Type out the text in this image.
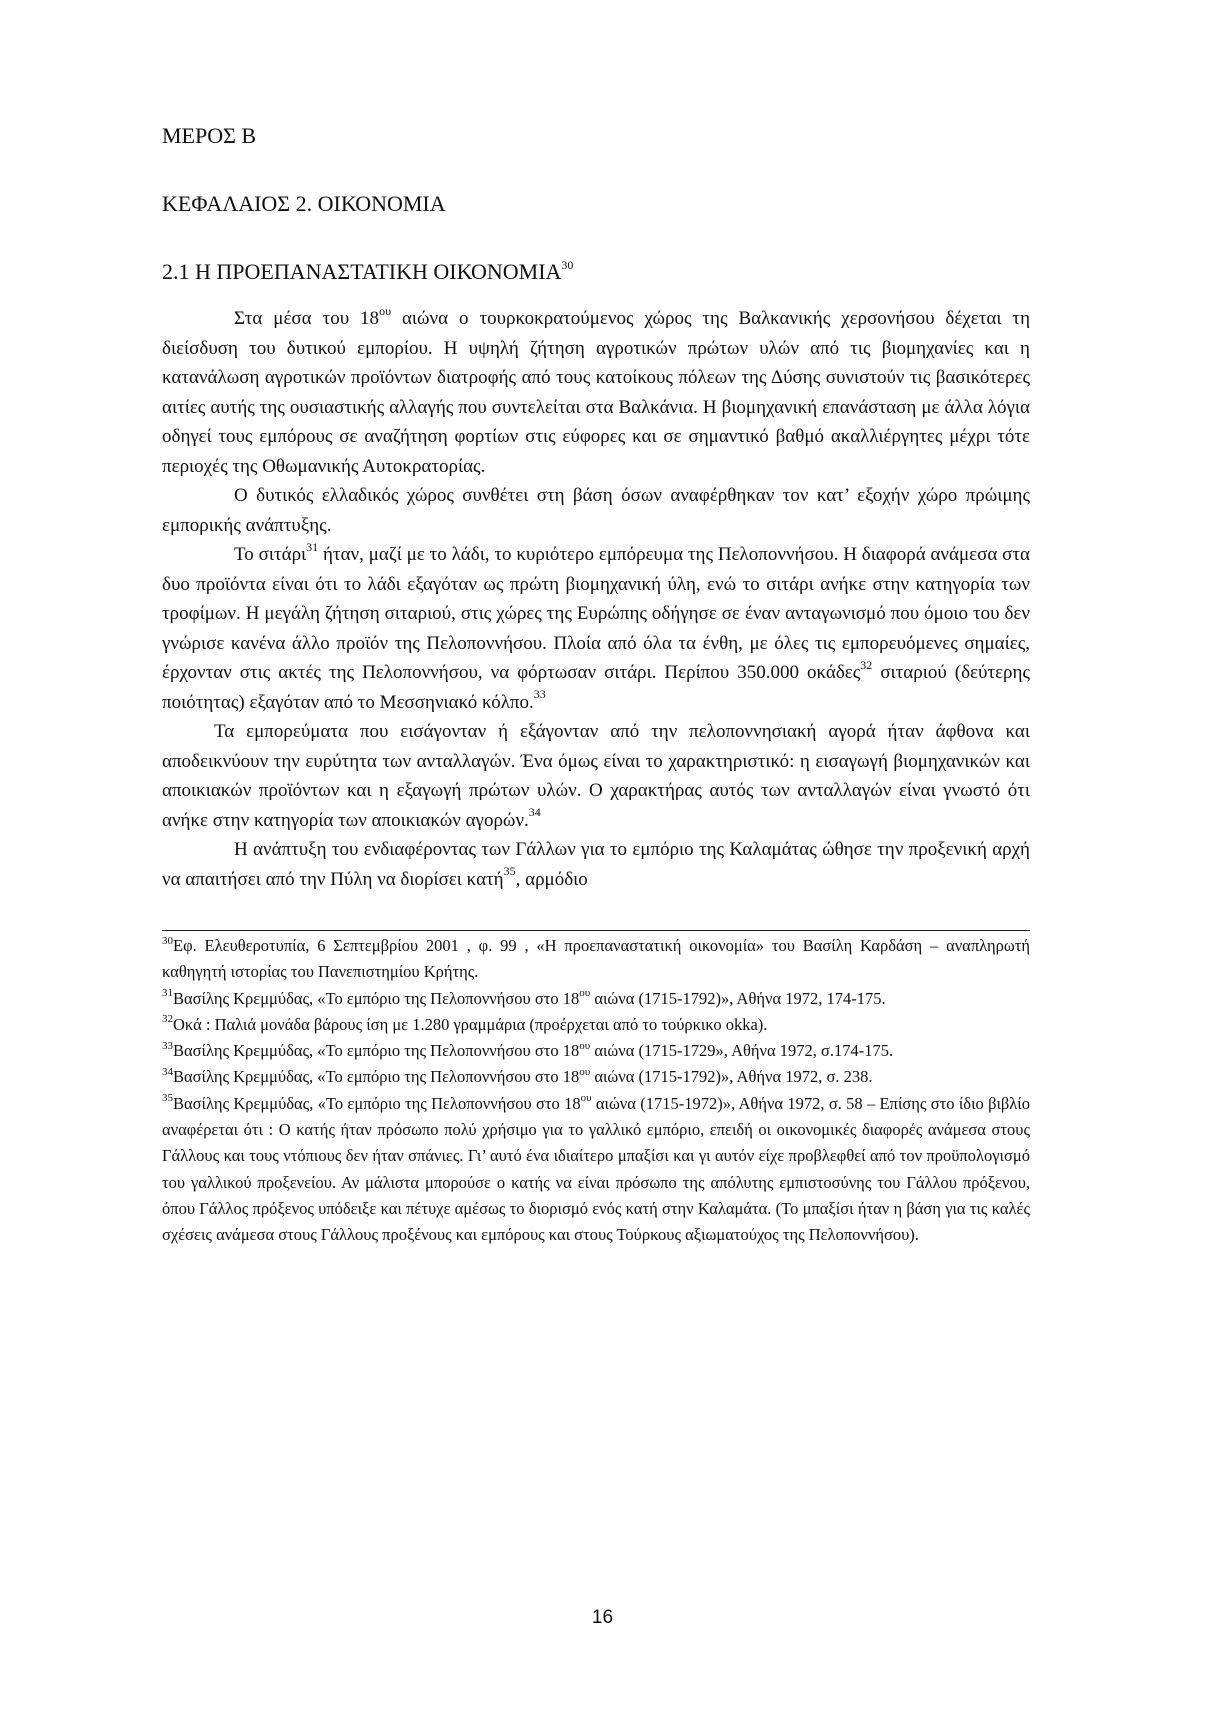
ΜΕΡΟΣ Β

ΚΕΦΑΛΑΙΟΣ 2. ΟΙΚΟΝΟΜΙΑ

2.1 Η ΠΡΟΕΠΑΝΑΣΤΑΤΙΚΗ ΟΙΚΟΝΟΜΙΑ$^{30}$

Στα μέσα του $18^{o\upsilon}$ αιώνα ο τουρκοκρατούμενος χώρος της Βαλκανικής χερσονήσου δέχεται τη διείσδυση του δυτικού εμπορίου. Η υψηλή ζήτηση αγροτικών πρώτων υλών από τις βιομηχανίες και η κατανάλωση αγροτικών προϊόντων διατροφής από τους κατοίκους πόλεων της Δύσης συνιστούν τις βασικότερες αιτίες αυτής της ουσιαστικής αλλαγής που συντελείται στα Βαλκάνια. Η βιομηχανική επανάσταση με άλλα λόγια οδηγεί τους εμπόρους σε αναζήτηση φορτίων στις εύφορες και σε σημαντικό βαθμό ακαλλιέργητες μέχρι τότε περιοχές της Οθωμανικής Αυτοκρατορίας.

Ο δυτικός ελλαδικός χώρος συνθέτει στη βάση όσων αναφέρθηκαν τον κατ’ εξοχήν χώρο πρώιμης εμπορικής ανάπτυξης.

Το σιτάρι$^{31}$ ήταν, μαζί με το λάδι, το κυριότερο εμπόρευμα της Πελοποννήσου. Η διαφορά ανάμεσα στα δυο προϊόντα είναι ότι το λάδι εξαγόταν ως πρώτη βιομηχανική ύλη, ενώ το σιτάρι ανήκε στην κατηγορία των τροφίμων. Η μεγάλη ζήτηση σιταριού, στις χώρες της Ευρώπης οδήγησε σε έναν ανταγωνισμό που όμοιο του δεν γνώρισε κανένα άλλο προϊόν της Πελοποννήσου. Πλοία από όλα τα ένθη, με όλες τις εμπορευόμενες σημαίες, έρχονταν στις ακτές της Πελοποννήσου, να φόρτωσαν σιτάρι. Περίπου 350.000 οκάδες$^{32}$ σιταριού (δεύτερης ποιότητας) εξαγόταν από το Μεσσηνιακό κόλπο.$^{33}$

Τα εμπορεύματα που εισάγονταν ή εξάγονταν από την πελοποννησιακή αγορά ήταν άφθονα και αποδεικνύουν την ευρύτητα των ανταλλαγών. Ένα όμως είναι το χαρακτηριστικό: η εισαγωγή βιομηχανικών και αποικιακών προϊόντων και η εξαγωγή πρώτων υλών. Ο χαρακτήρας αυτός των ανταλλαγών είναι γνωστό ότι ανήκε στην κατηγορία των αποικιακών αγορών.$^{34}$

Η ανάπτυξη του ενδιαφέροντας των Γάλλων για το εμπόριο της Καλαμάτας ώθησε την προξενική αρχή να απαιτήσει από την Πύλη να διορίσει κατή$^{35}$, αρμόδιο

$^{30}$Εφ. Ελευθεροτυπία, 6 Σεπτεμβρίου 2001 , φ. 99 , «Η προεπαναστατική οικονομία» του Βασίλη Καρδάση – αναπληρωτή καθηγητή ιστορίας του Πανεπιστημίου Κρήτης.

$^{31}$Βασίλης Κρεμμύδας, «Το εμπόριο της Πελοποννήσου στο $18^{o\upsilon}$ αιώνα (1715-1792)», Αθήνα 1972, 174-175.

$^{32}$Οκά : Παλιά μονάδα βάρους ίση με 1.280 γραμμάρια (προέρχεται από το τούρκικο okka).

$^{33}$Βασίλης Κρεμμύδας, «Το εμπόριο της Πελοποννήσου στο $18^{o\upsilon}$ αιώνα (1715-1729», Αθήνα 1972, σ.174-175.

$^{34}$Βασίλης Κρεμμύδας, «Το εμπόριο της Πελοποννήσου στο $18^{o\upsilon}$ αιώνα (1715-1792)», Αθήνα 1972, σ. 238.

$^{35}$Βασίλης Κρεμμύδας, «Το εμπόριο της Πελοποννήσου στο $18^{o\upsilon}$ αιώνα (1715-1972)», Αθήνα 1972, σ. 58 – Επίσης στο ίδιο βιβλίο αναφέρεται ότι : Ο κατής ήταν πρόσωπο πολύ χρήσιμο για το γαλλικό εμπόριο, επειδή οι οικονομικές διαφορές ανάμεσα στους Γάλλους και τους ντόπιους δεν ήταν σπάνιες. Γι’ αυτό ένα ιδιαίτερο μπαξίσι και γι αυτόν είχε προβλεφθεί από τον προϋπολογισμό του γαλλικού προξενείου. Αν μάλιστα μπορούσε ο κατής να είναι πρόσωπο της απόλυτης εμπιστοσύνης του Γάλλου πρόξενου, όπου Γάλλος πρόξενος υπόδειξε και πέτυχε αμέσως το διορισμό ενός κατή στην Καλαμάτα. (Το μπαξίσι ήταν η βάση για τις καλές σχέσεις ανάμεσα στους Γάλλους προξένους και εμπόρους και στους Τούρκους αξιωματούχος της Πελοποννήσου).

16
